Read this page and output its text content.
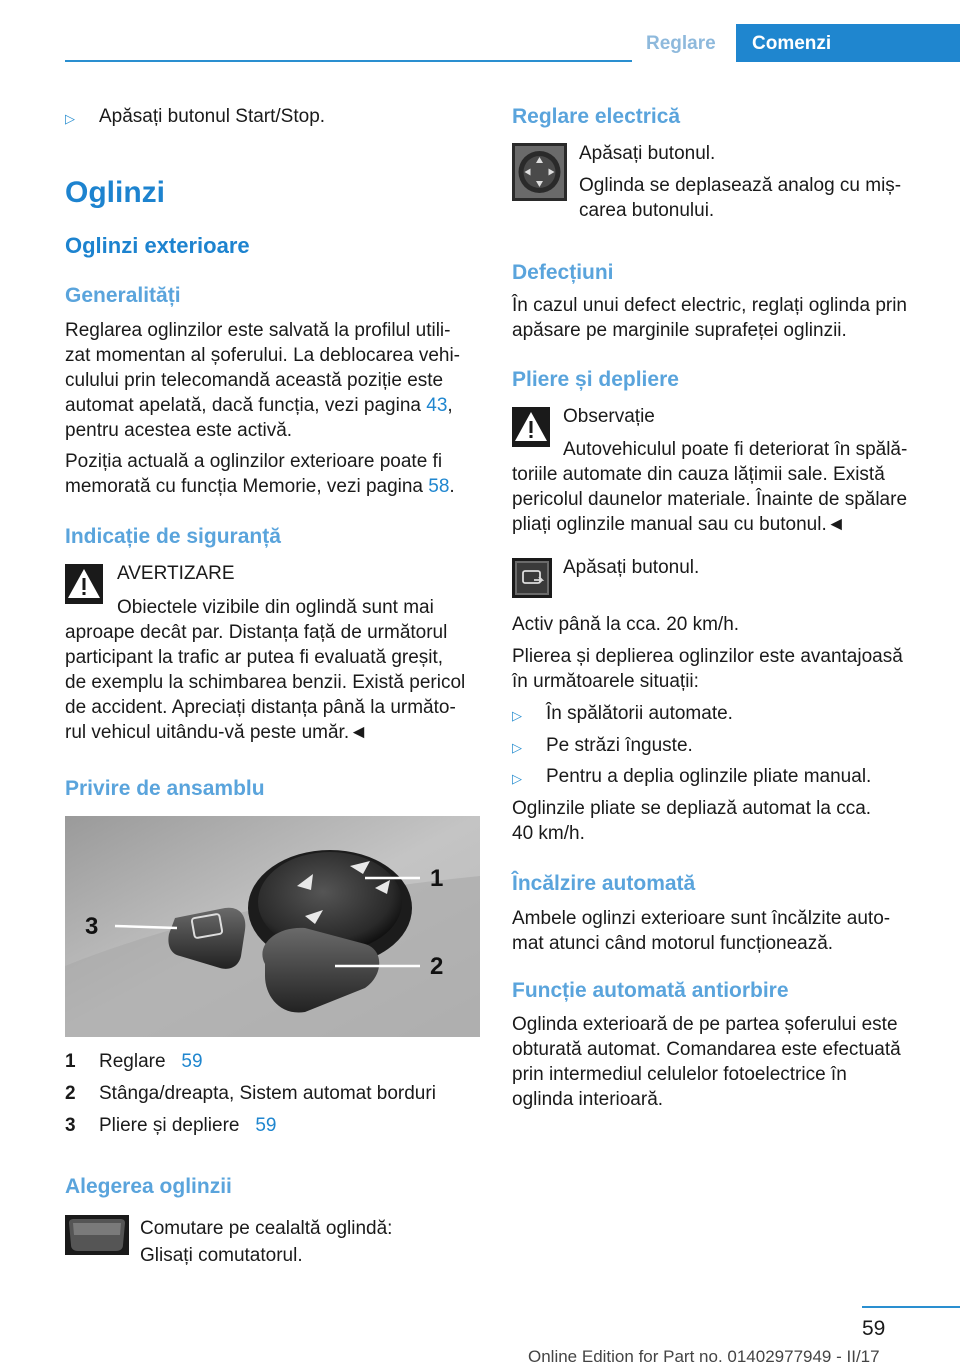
Reglare Comenzi
▷ Apăsați butonul Start/Stop.
Oglinzi
Oglinzi exterioare
Generalități
Reglarea oglinzilor este salvată la profilul utili-
zat momentan al șoferului. La deblocarea vehi-
culului prin telecomandă această poziție este
automat apelată, dacă funcția, vezi pagina 43,
pentru acestea este activă.
Poziția actuală a oglinzilor exterioare poate fi
memorată cu funcția Memorie, vezi pagina 58.
Indicație de siguranță
AVERTIZARE
Obiectele vizibile din oglindă sunt mai
aproape decât par. Distanța față de următorul
participant la trafic ar putea fi evaluată greșit,
de exemplu la schimbarea benzii. Există pericol
de accident. Apreciați distanța până la următo-
rul vehicul uitându-vă peste umăr.◄
Privire de ansamblu
3
1
2
1 Reglare 59
2 Stânga/dreapta, Sistem automat borduri
3 Pliere și depliere 59
Alegerea oglinzii
Comutare pe cealaltă oglindă:
Glisați comutatorul.
Reglare electrică
Apăsați butonul.
Oglinda se deplasează analog cu miș-
carea butonului.
Defecțiuni
În cazul unui defect electric, reglați oglinda prin
apăsare pe marginile suprafeței oglinzii.
Pliere și depliere
Observație
Autovehiculul poate fi deteriorat în spălă-
toriile automate din cauza lățimii sale. Există
pericolul daunelor materiale. Înainte de spălare
pliați oglinzile manual sau cu butonul.◄
Apăsați butonul.
Activ până la cca. 20 km/h.
Plierea și deplierea oglinzilor este avantajoasă
în următoarele situații:
▷ În spălătorii automate.
▷ Pe străzi înguste.
▷ Pentru a deplia oglinzile pliate manual.
Oglinzile pliate se depliază automat la cca.
40 km/h.
Încălzire automată
Ambele oglinzi exterioare sunt încălzite auto-
mat atunci când motorul funcționează.
Funcție automată antiorbire
Oglinda exterioară de pe partea șoferului este
obturată automat. Comandarea este efectuată
prin intermediul celulelor fotoelectrice în
oglinda interioară.
59
Online Edition for Part no. 01402977949 - II/17
